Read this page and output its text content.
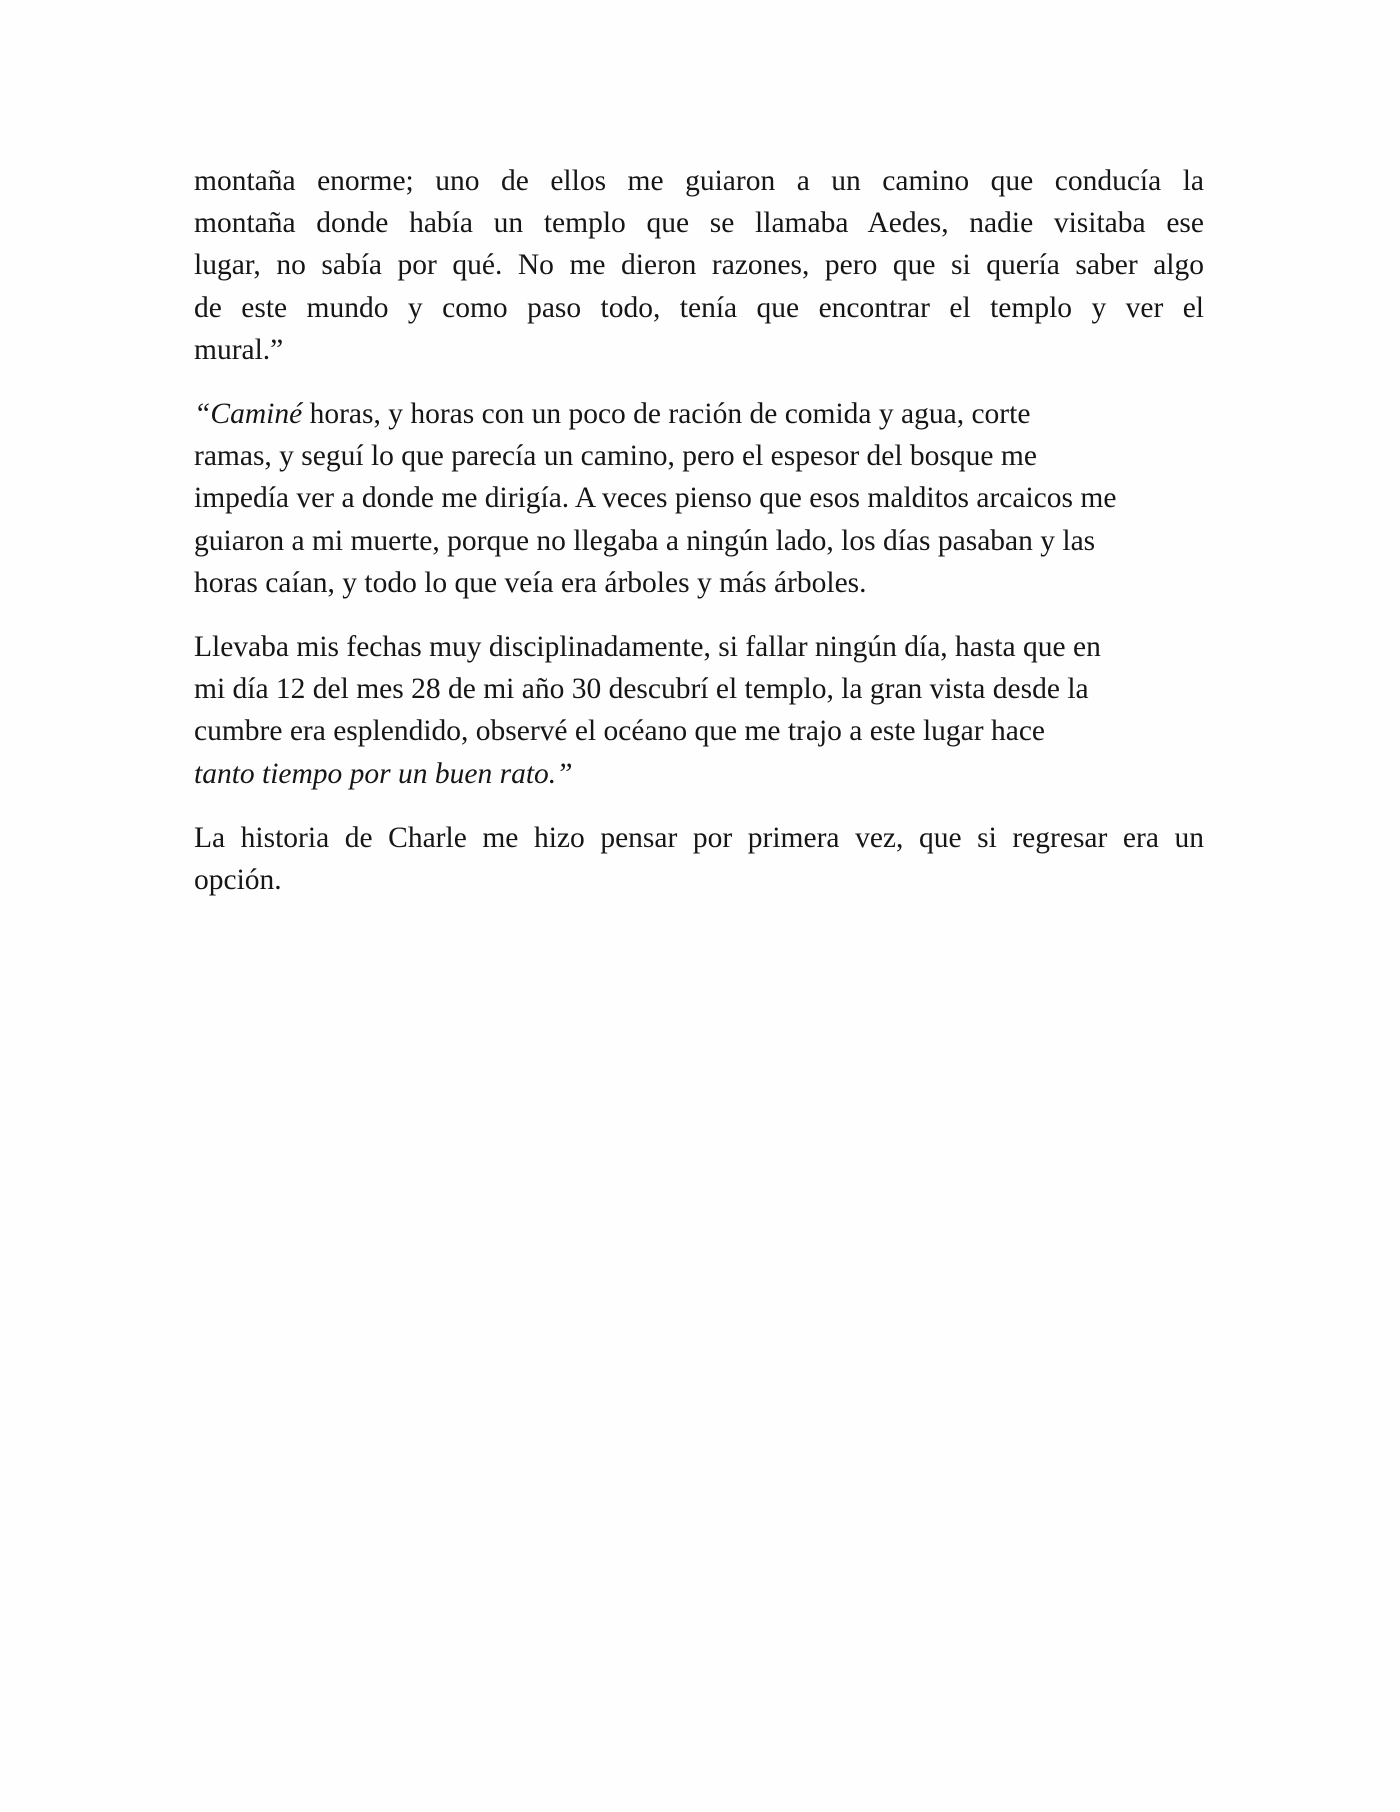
montaña enorme; uno de ellos me guiaron a un camino que conducía la
montaña donde había un templo que se llamaba Aedes, nadie visitaba ese
lugar, no sabía por qué. No me dieron razones, pero que si quería saber algo
de este mundo y como paso todo, tenía que encontrar el templo y ver el
mural.”
“Caminé horas, y horas con un poco de ración de comida y agua, corte
ramas, y seguí lo que parecía un camino, pero el espesor del bosque me
impedía ver a donde me dirigía. A veces pienso que esos malditos arcaicos me
guiaron a mi muerte, porque no llegaba a ningún lado, los días pasaban y las
horas caían, y todo lo que veía era árboles y más árboles.
Llevaba mis fechas muy disciplinadamente, si fallar ningún día, hasta que en
mi día 12 del mes 28 de mi año 30 descubrí el templo, la gran vista desde la
cumbre era esplendido, observé el océano que me trajo a este lugar hace
tanto tiempo por un buen rato.”
La historia de Charle me hizo pensar por primera vez, que si regresar era un
opción.
